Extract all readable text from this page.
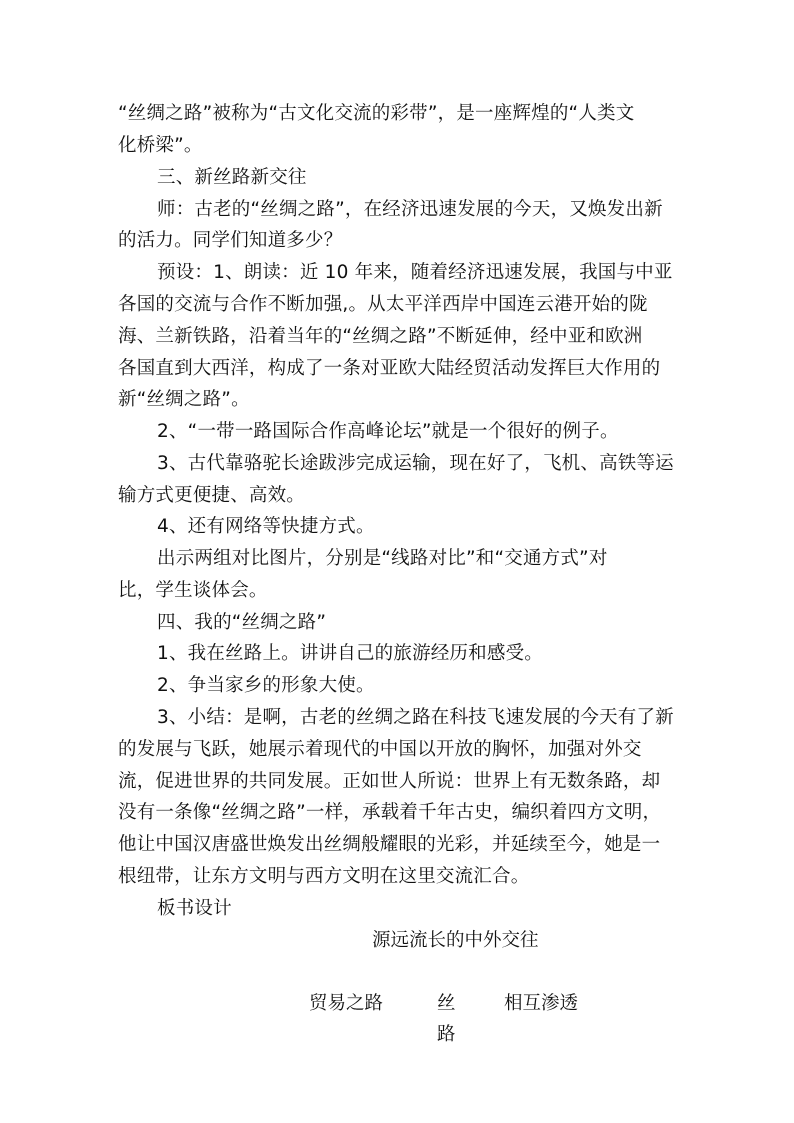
“丝绸之路”被称为“古文化交流的彩带”，是一座辉煌的“人类文
化桥梁”。
三、新丝路新交往
师：古老的“丝绸之路”，在经济迅速发展的今天，又焕发出新
的活力。同学们知道多少？
预设：1、朗读：近 10 年来，随着经济迅速发展，我国与中亚
各国的交流与合作不断加强,。从太平洋西岸中国连云港开始的陇
海、兰新铁路，沿着当年的“丝绸之路”不断延伸，经中亚和欧洲
各国直到大西洋，构成了一条对亚欧大陆经贸活动发挥巨大作用的
新“丝绸之路”。
2、“一带一路国际合作高峰论坛”就是一个很好的例子。
3、古代靠骆驼长途跋涉完成运输，现在好了，飞机、高铁等运
输方式更便捷、高效。
4、还有网络等快捷方式。
出示两组对比图片，分别是“线路对比”和“交通方式”对
比，学生谈体会。
四、我的“丝绸之路”
1、我在丝路上。讲讲自己的旅游经历和感受。
2、争当家乡的形象大使。
3、小结：是啊，古老的丝绸之路在科技飞速发展的今天有了新
的发展与飞跃，她展示着现代的中国以开放的胸怀，加强对外交
流，促进世界的共同发展。正如世人所说：世界上有无数条路，却
没有一条像“丝绸之路”一样，承载着千年古史，编织着四方文明，
他让中国汉唐盛世焕发出丝绸般耀眼的光彩，并延续至今，她是一
根纽带，让东方文明与西方文明在这里交流汇合。
板书设计
源远流长的中外交往
贸易之路	丝
路
相互渗透
